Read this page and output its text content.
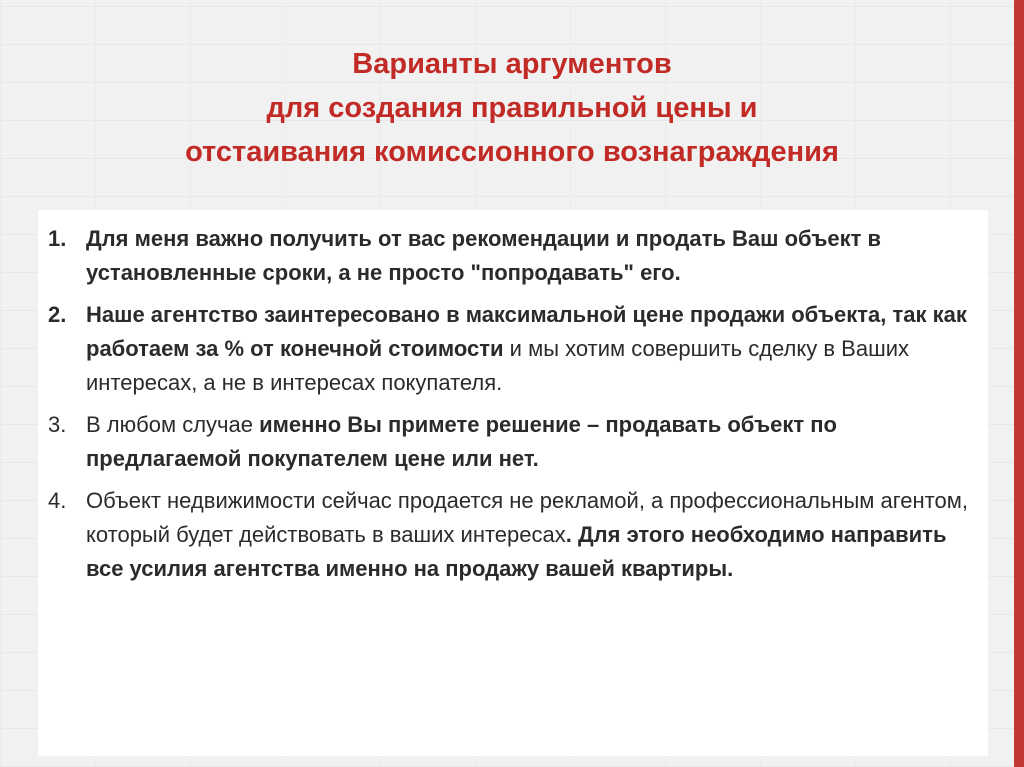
Варианты аргументов
для создания правильной цены и
отстаивания комиссионного вознаграждения
1. Для меня важно получить от вас рекомендации и продать Ваш объект в установленные сроки, а не просто "попродавать" его.
2. Наше агентство заинтересовано в максимальной цене продажи объекта, так как работаем за % от конечной стоимости и мы хотим совершить сделку в Ваших интересах, а не в интересах покупателя.
3. В любом случае именно Вы примете решение – продавать объект по предлагаемой покупателем цене или нет.
4. Объект недвижимости сейчас продается не рекламой, а профессиональным агентом, который будет действовать в ваших интересах. Для этого необходимо направить все усилия агентства именно на продажу вашей квартиры.
